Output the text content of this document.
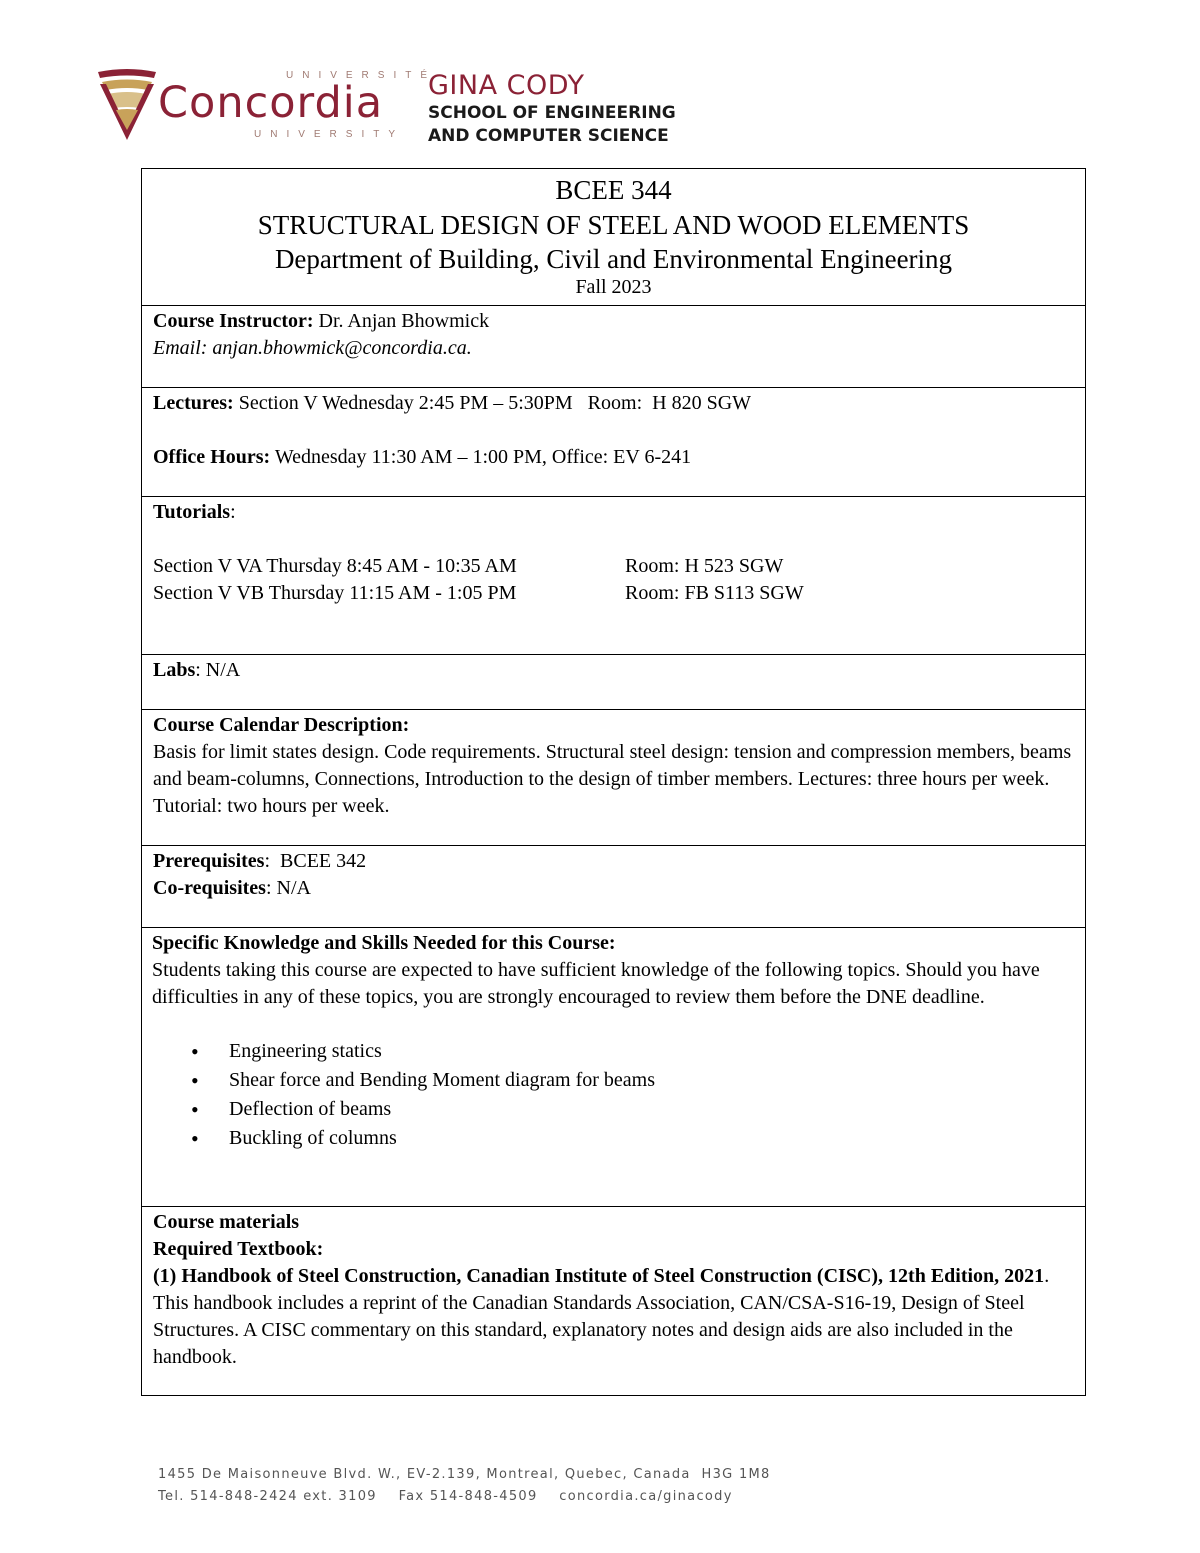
UNIVERSITÉ
Concordia
UNIVERSITY
GINA CODY
SCHOOL OF ENGINEERING
AND COMPUTER SCIENCE
BCEE 344
STRUCTURAL DESIGN OF STEEL AND WOOD ELEMENTS
Department of Building, Civil and Environmental Engineering
Fall 2023
Course Instructor: Dr. Anjan Bhowmick
Email: anjan.bhowmick@concordia.ca.
Lectures: Section V Wednesday 2:45 PM – 5:30PM   Room:  H 820 SGW
Office Hours: Wednesday 11:30 AM – 1:00 PM, Office: EV 6-241
Tutorials:
Section V VA Thursday 8:45 AM - 10:35 AM	Room: H 523 SGW
Section V VB Thursday 11:15 AM - 1:05 PM	Room: FB S113 SGW
Labs: N/A
Course Calendar Description:
Basis for limit states design. Code requirements. Structural steel design: tension and compression members, beams and beam-columns, Connections, Introduction to the design of timber members. Lectures: three hours per week. Tutorial: two hours per week.
Prerequisites:  BCEE 342
Co-requisites: N/A
Specific Knowledge and Skills Needed for this Course:
Students taking this course are expected to have sufficient knowledge of the following topics. Should you have difficulties in any of these topics, you are strongly encouraged to review them before the DNE deadline.
• Engineering statics
• Shear force and Bending Moment diagram for beams
• Deflection of beams
• Buckling of columns
Course materials
Required Textbook:
(1) Handbook of Steel Construction, Canadian Institute of Steel Construction (CISC), 12th Edition, 2021. This handbook includes a reprint of the Canadian Standards Association, CAN/CSA-S16-19, Design of Steel Structures. A CISC commentary on this standard, explanatory notes and design aids are also included in the handbook.
1455 De Maisonneuve Blvd. W., EV-2.139, Montreal, Quebec, Canada  H3G 1M8
Tel. 514-848-2424 ext. 3109    Fax 514-848-4509    concordia.ca/ginacody
